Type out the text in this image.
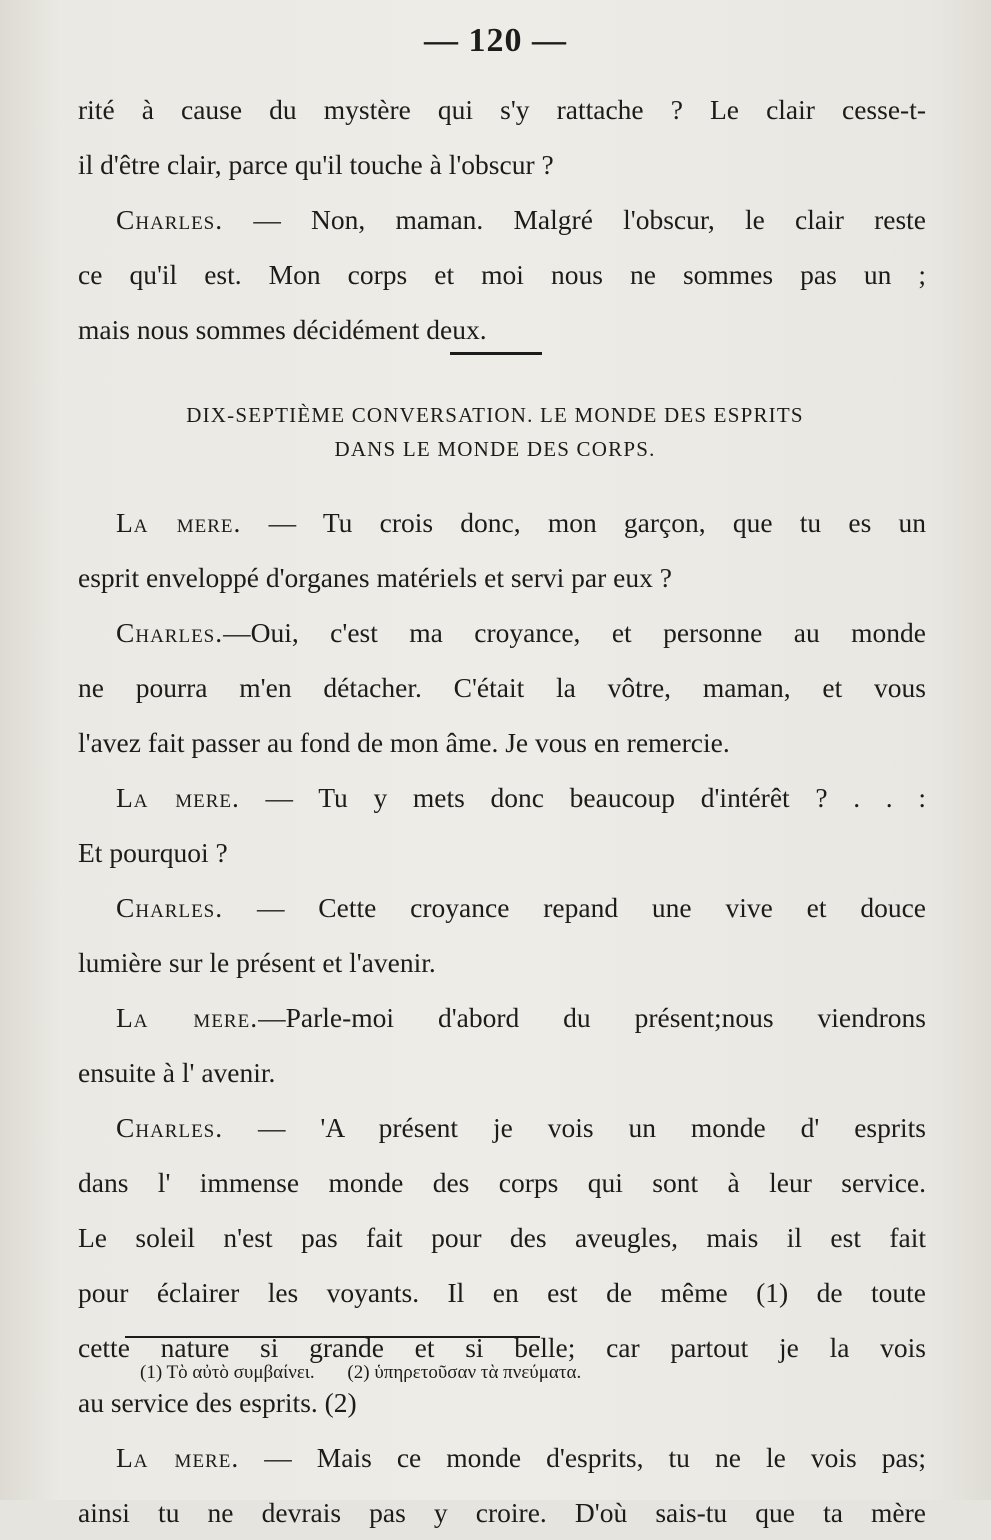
— 120 —
rité à cause du mystère qui s'y rattache ? Le clair cesse-t-
il d'être clair, parce qu'il touche à l'obscur ?
Charles. — Non, maman. Malgré l'obscur, le clair reste
ce qu'il est. Mon corps et moi nous ne sommes pas un ;
mais nous sommes décidément deux.
DIX-SEPTIÈME CONVERSATION. LE MONDE DES ESPRITS
DANS LE MONDE DES CORPS.
La mere. — Tu crois donc, mon garçon, que tu es un
esprit enveloppé d'organes matériels et servi par eux ?
Charles.—Oui, c'est ma croyance, et personne au monde
ne pourra m'en détacher. C'était la vôtre, maman, et vous
l'avez fait passer au fond de mon âme. Je vous en remercie.
La mere. — Tu y mets donc beaucoup d'intérêt ? . . :
Et pourquoi ?
Charles. — Cette croyance repand une vive et douce
lumière sur le présent et l'avenir.
La mere.—Parle-moi d'abord du présent;nous viendrons
ensuite à l' avenir.
Charles. — 'A présent je vois un monde d' esprits
dans l' immense monde des corps qui sont à leur service.
Le soleil n'est pas fait pour des aveugles, mais il est fait
pour éclairer les voyants. Il en est de même (1) de toute
cette nature si grande et si belle; car partout je la vois
au service des esprits. (2)
La mere. — Mais ce monde d'esprits, tu ne le vois pas;
ainsi tu ne devrais pas y croire. D'où sais-tu que ta mère
(1) Τὸ αὐτὸ συμβαίνει. (2) ὑπηρετοῦσαν τὰ πνεύματα.
